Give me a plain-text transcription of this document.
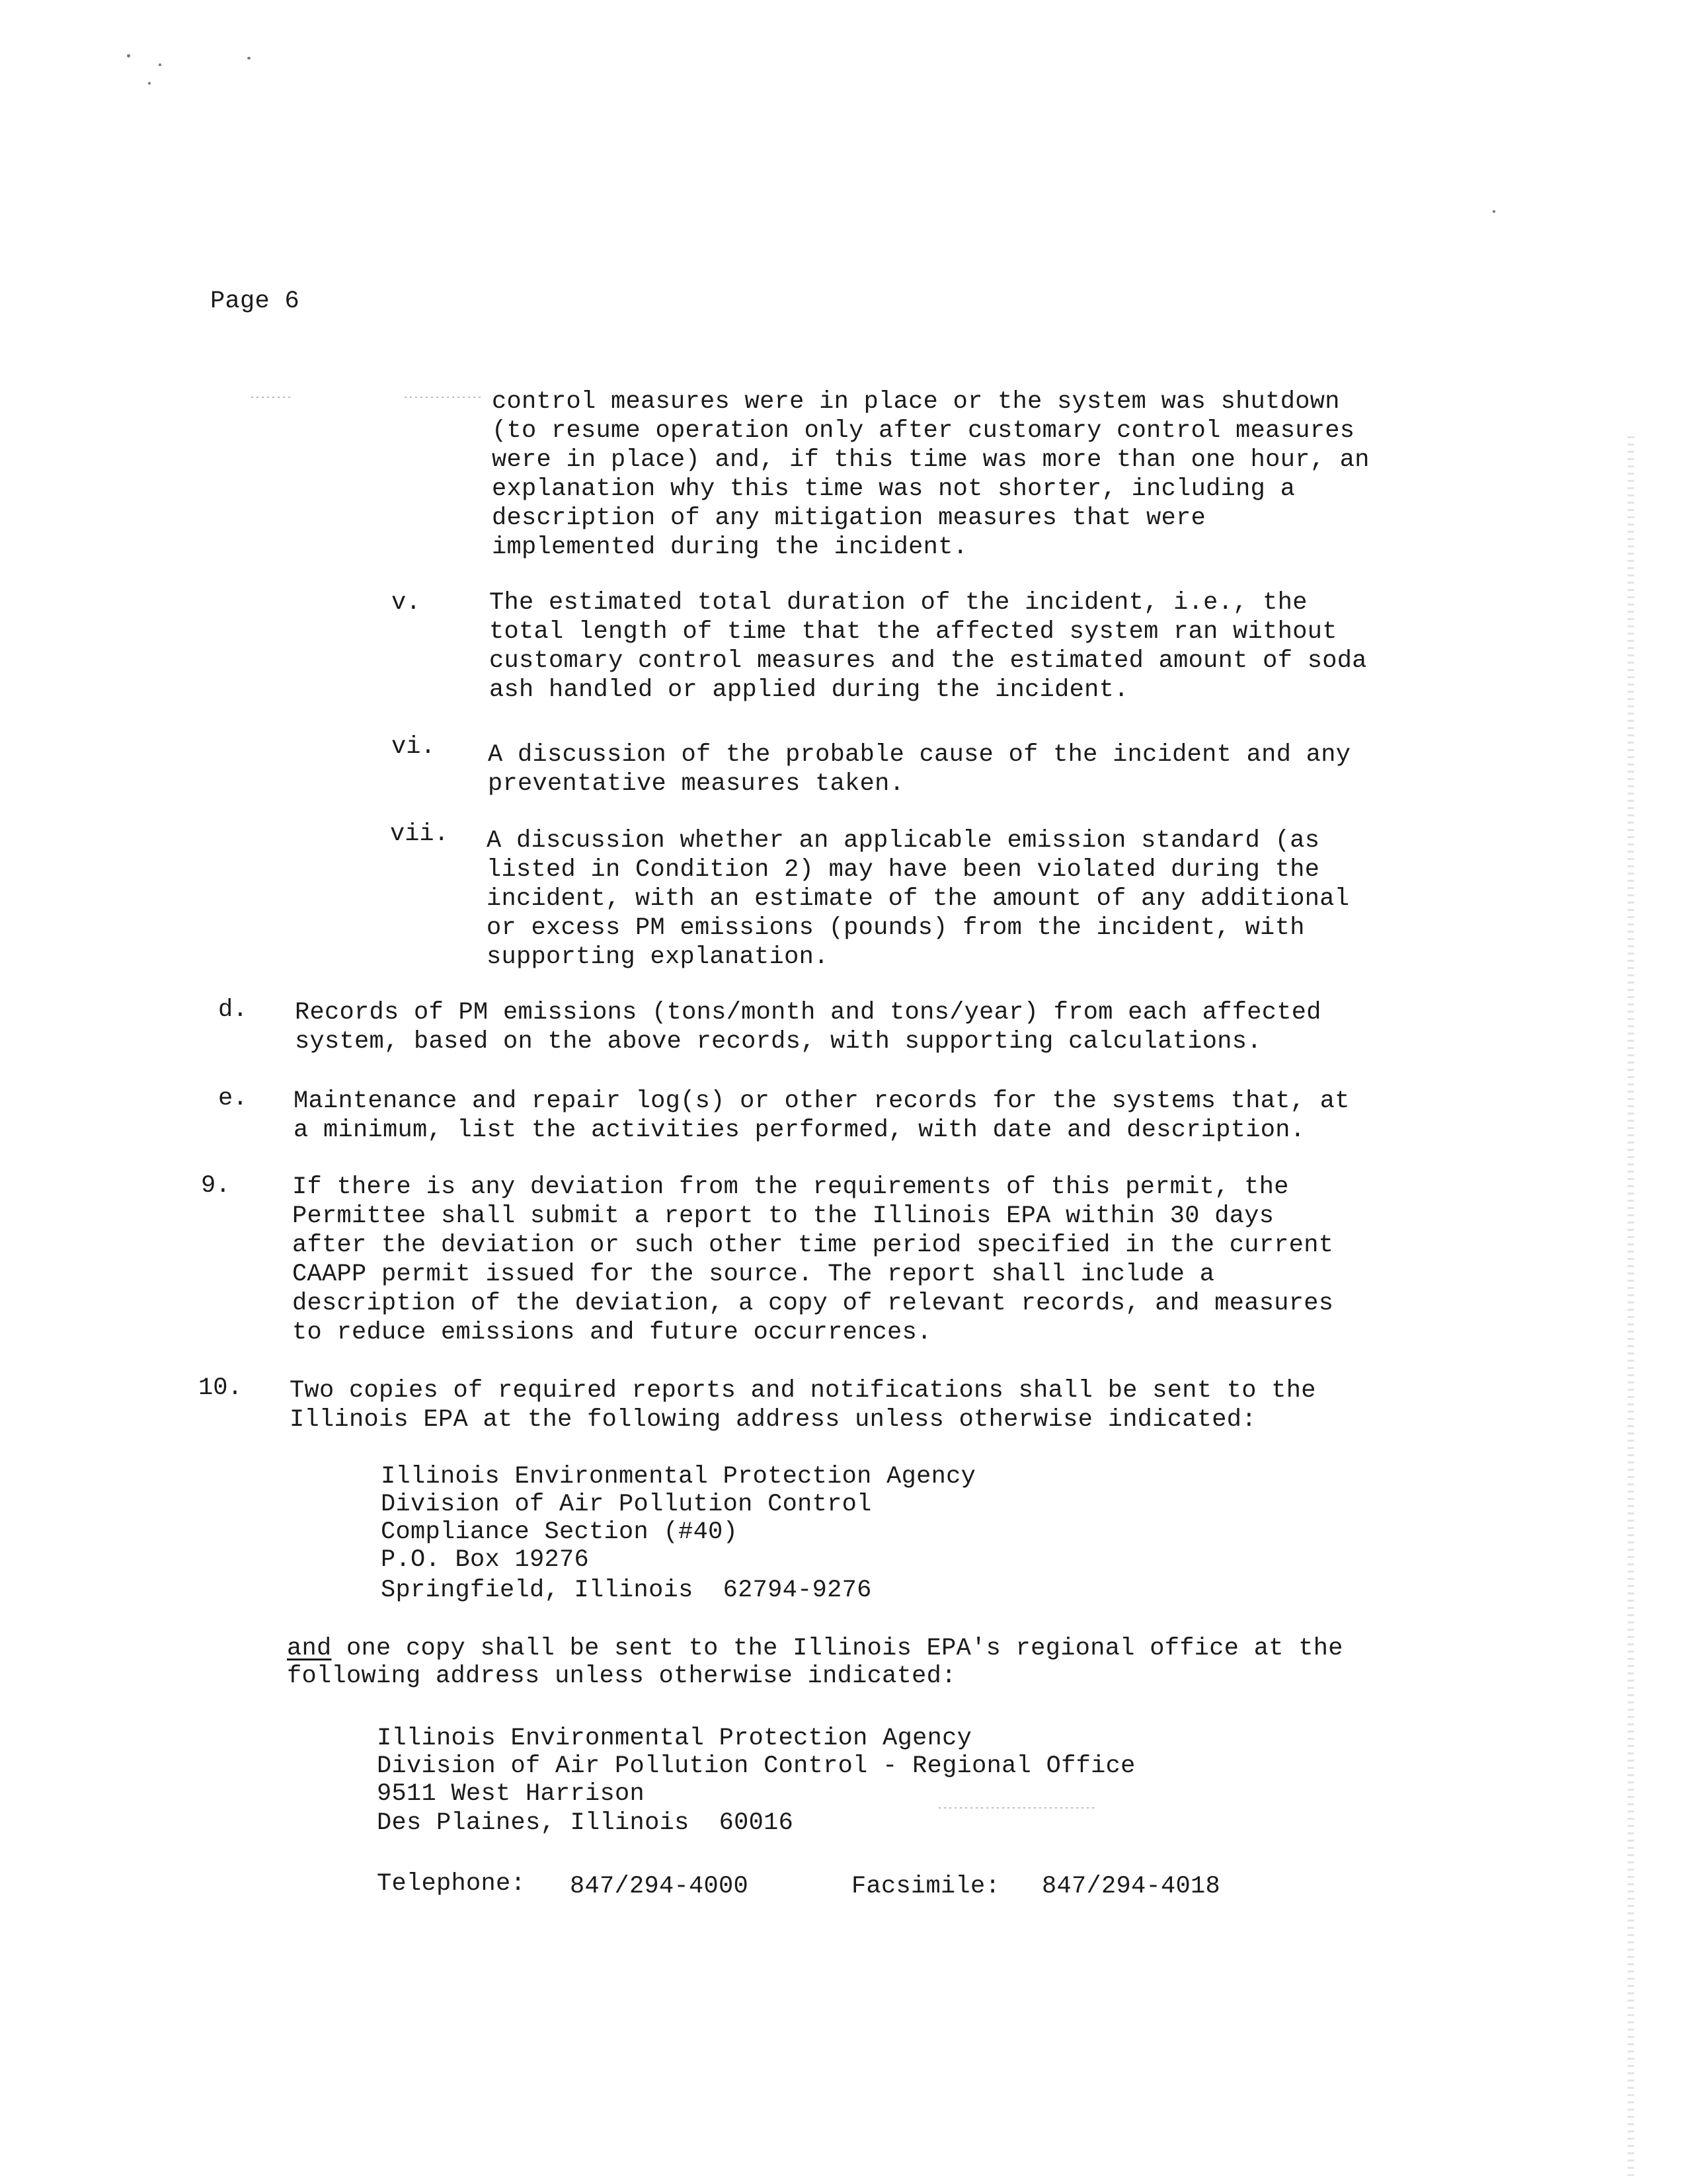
Page 6
control measures were in place or the system was shutdown
(to resume operation only after customary control measures
were in place) and, if this time was more than one hour, an
explanation why this time was not shorter, including a
description of any mitigation measures that were
implemented during the incident.
v.	The estimated total duration of the incident, i.e., the
total length of time that the affected system ran without
customary control measures and the estimated amount of soda
ash handled or applied during the incident.
vi. A discussion of the probable cause of the incident and any
preventative measures taken.
vii. A discussion whether an applicable emission standard (as
listed in Condition 2) may have been violated during the
incident, with an estimate of the amount of any additional
or excess PM emissions (pounds) from the incident, with
supporting explanation.
d. Records of PM emissions (tons/month and tons/year) from each affected
system, based on the above records, with supporting calculations.
e. Maintenance and repair log(s) or other records for the systems that, at
a minimum, list the activities performed, with date and description.
9.	If there is any deviation from the requirements of this permit, the
Permittee shall submit a report to the Illinois EPA within 30 days
after the deviation or such other time period specified in the current
CAAPP permit issued for the source. The report shall include a
description of the deviation, a copy of relevant records, and measures
to reduce emissions and future occurrences.
10. Two copies of required reports and notifications shall be sent to the
Illinois EPA at the following address unless otherwise indicated:
Illinois Environmental Protection Agency
Division of Air Pollution Control
Compliance Section (#40)
P.O. Box 19276
Springfield, Illinois  62794-9276
and one copy shall be sent to the Illinois EPA's regional office at the
following address unless otherwise indicated:
Illinois Environmental Protection Agency
Division of Air Pollution Control - Regional Office
9511 West Harrison
Des Plaines, Illinois  60016
Telephone: 847/294-4000	Facsimile: 847/294-4018
